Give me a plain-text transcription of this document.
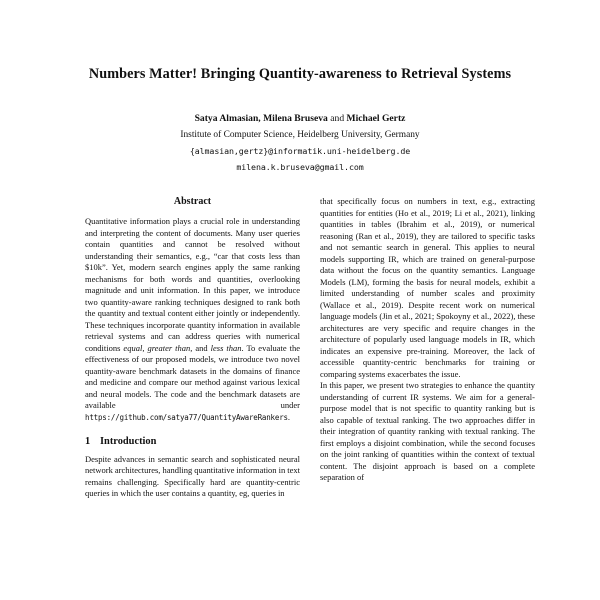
Numbers Matter! Bringing Quantity-awareness to Retrieval Systems

Satya Almasian, Milena Bruseva and Michael Gertz

Institute of Computer Science, Heidelberg University, Germany

{almasian,gertz}@informatik.uni-heidelberg.de

milena.k.bruseva@gmail.com

Abstract

Quantitative information plays a crucial role in understanding and interpreting the content of documents. Many user queries contain quantities and cannot be resolved without understanding their semantics, e.g., “car that costs less than $10k”. Yet, modern search engines apply the same ranking mechanisms for both words and quantities, overlooking magnitude and unit information. In this paper, we introduce two quantity-aware ranking techniques designed to rank both the quantity and textual content either jointly or independently. These techniques incorporate quantity information in available retrieval systems and can address queries with numerical conditions equal, greater than, and less than. To evaluate the effectiveness of our proposed models, we introduce two novel quantity-aware benchmark datasets in the domains of finance and medicine and compare our method against various lexical and neural models. The code and the benchmark datasets are available under https://github.com/satya77/QuantityAwareRankers.

1 Introduction

Despite advances in semantic search and sophisticated neural network architectures, handling quantitative information in text remains challenging. Specifically hard are quantity-centric queries in which the user contains a quantity, eg, queries in

that specifically focus on numbers in text, e.g., extracting quantities for entities (Ho et al., 2019; Li et al., 2021), linking quantities in tables (Ibrahim et al., 2019), or numerical reasoning (Ran et al., 2019), they are tailored to specific tasks and not semantic search in general. This applies to neural models supporting IR, which are trained on general-purpose data without the focus on the quantity semantics. Language Models (LM), forming the basis for neural models, exhibit a limited understanding of number scales and proximity (Wallace et al., 2019). Despite recent work on numerical language models (Jin et al., 2021; Spokoyny et al., 2022), these architectures are very specific and require changes in the architecture of popularly used language models in IR, which indicates an expensive pre-training. Moreover, the lack of accessible quantity-centric benchmarks for training or comparing systems exacerbates the issue.

In this paper, we present two strategies to enhance the quantity understanding of current IR systems. We aim for a general-purpose model that is not specific to quantity ranking but is also capable of textual ranking. The two approaches differ in their integration of quantity ranking with textual ranking. The first employs a disjoint combination, while the second focuses on the joint ranking of quantities within the context of textual content. The disjoint approach is based on a complete separation of
